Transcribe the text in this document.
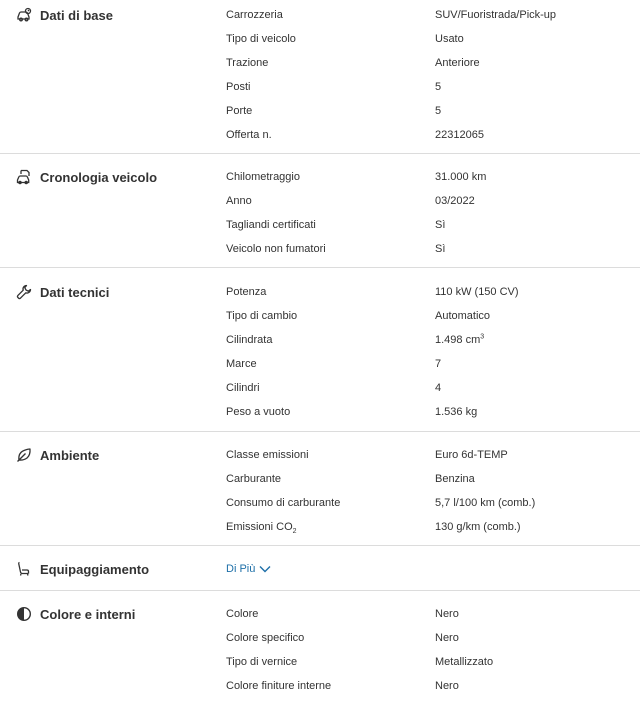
Dati di base	Carrozzeria	SUV/Fuoristrada/Pick-up
Tipo di veicolo	Usato
Trazione	Anteriore
Posti	5
Porte	5
Offerta n.	22312065
Cronologia veicolo	Chilometraggio	31.000 km
Anno	03/2022
Tagliandi certificati	Sì
Veicolo non fumatori	Sì
Dati tecnici	Potenza	110 kW (150 CV)
Tipo di cambio	Automatico
Cilindrata	1.498 $cm^3$
Marce	7
Cilindri	4
Peso a vuoto	1.536 kg
Ambiente	Classe emissioni	Euro 6d-TEMP
Carburante	Benzina
Consumo di carburante	5,7 l/100 km (comb.)
Emissioni $CO_2$	130 g/km (comb.)
Equipaggiamento	Di Più
Colore e interni	Colore	Nero
Colore specifico	Nero
Tipo di vernice	Metallizzato
Colore finiture interne	Nero
